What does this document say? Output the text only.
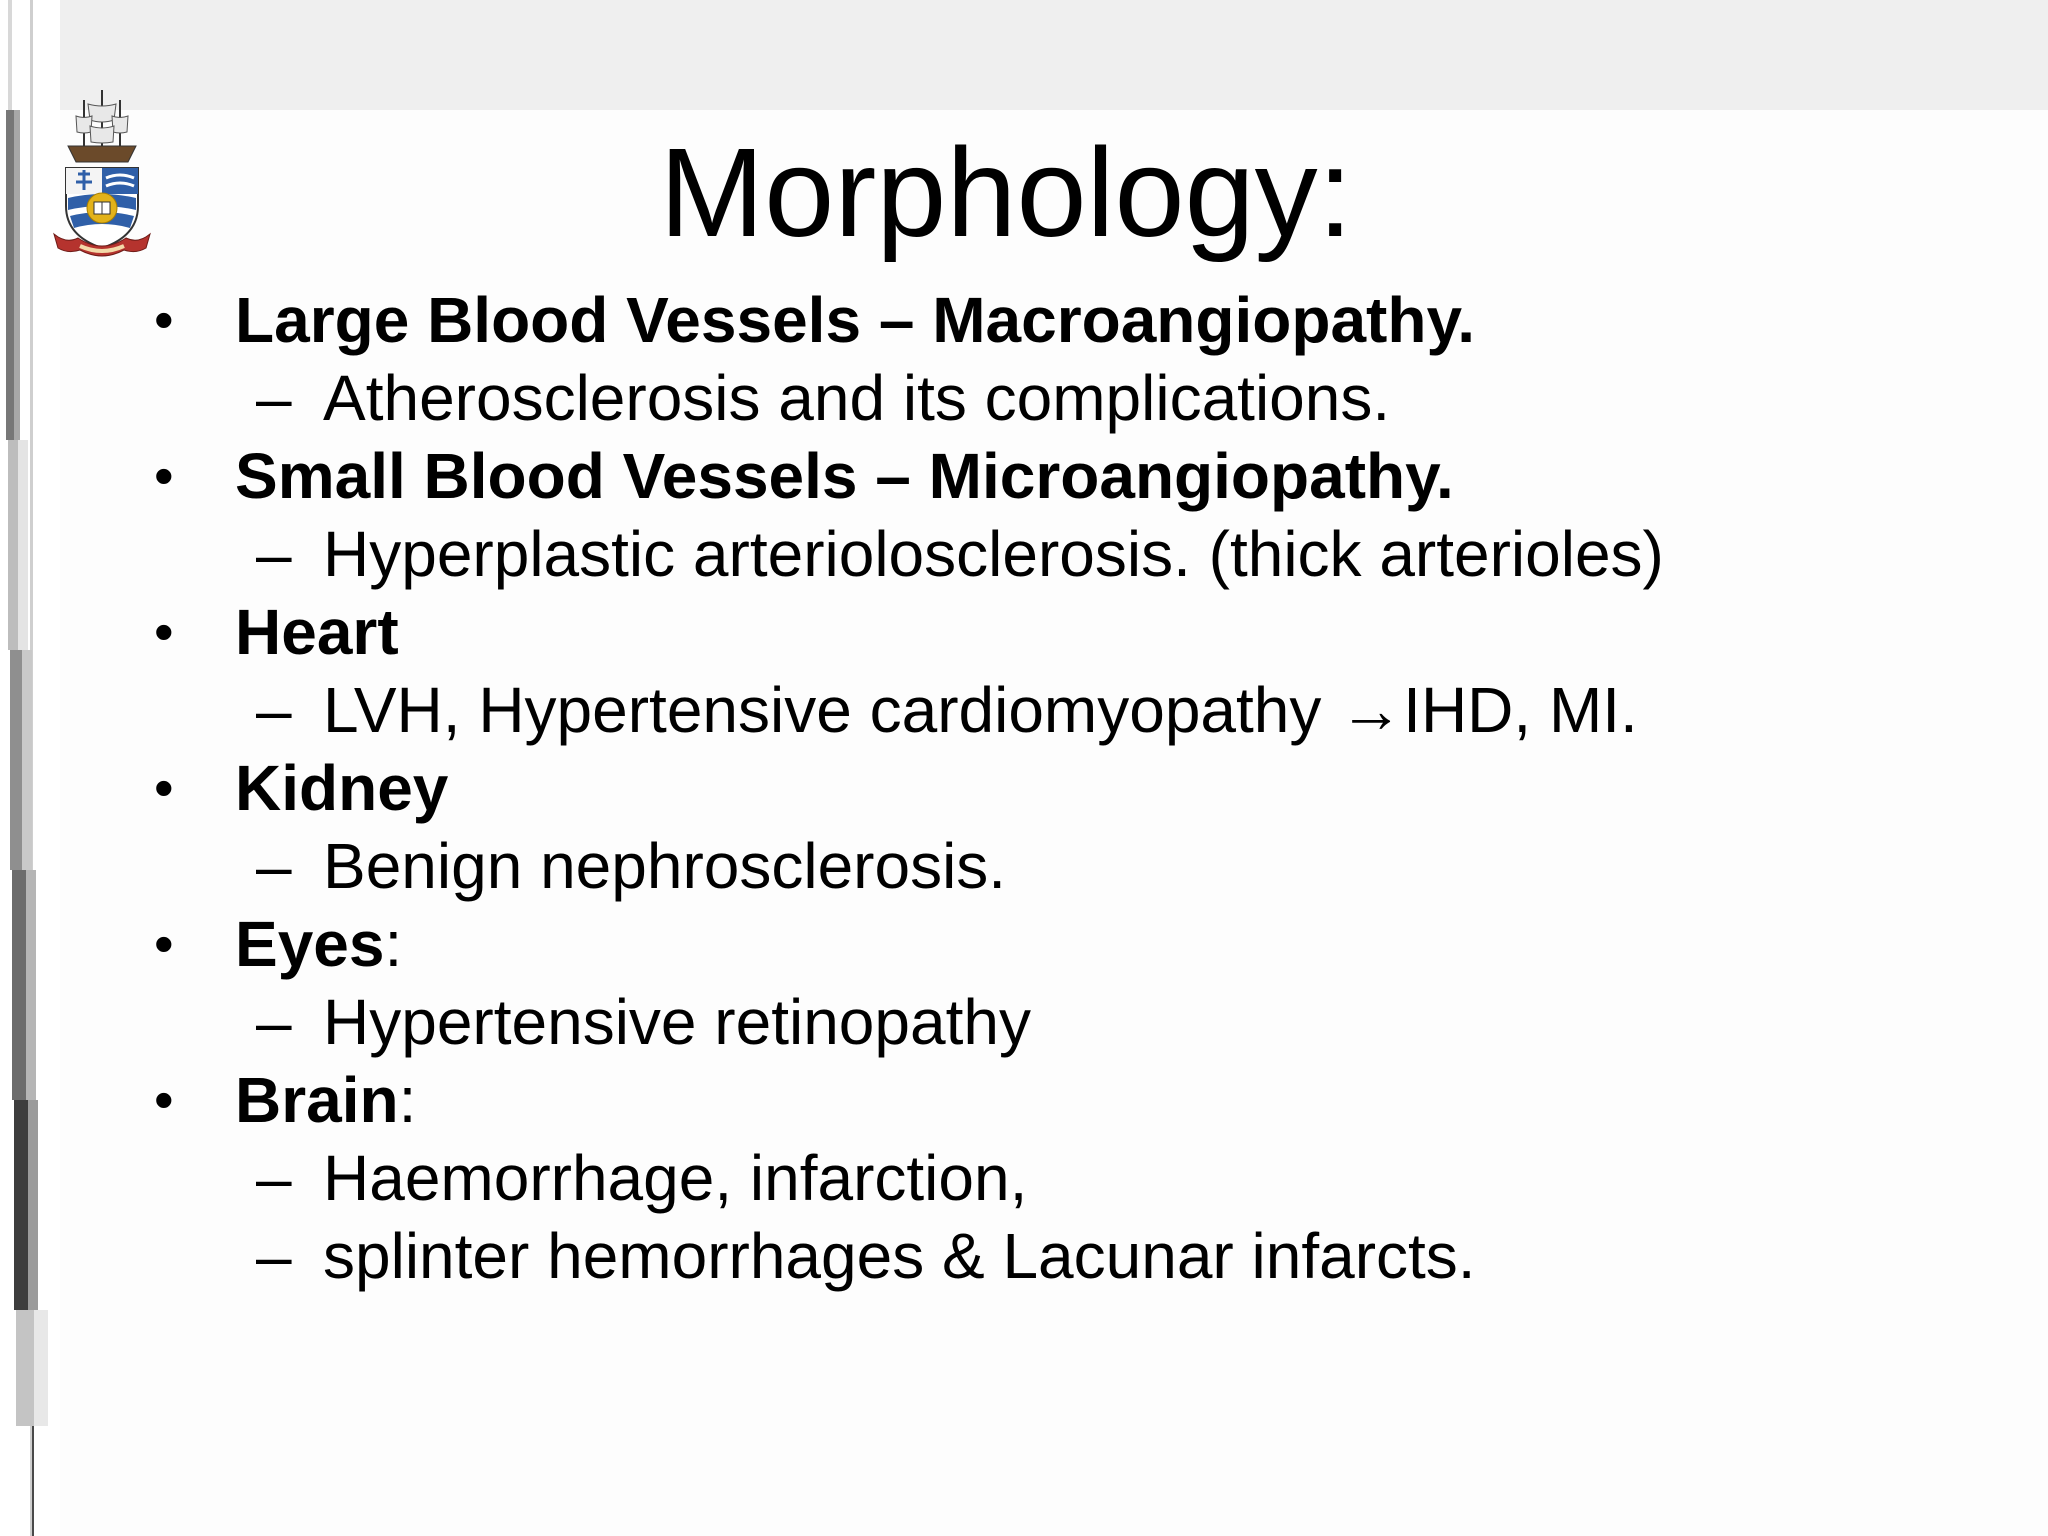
Morphology:
• Large Blood Vessels – Macroangiopathy.
– Atherosclerosis and its complications.
• Small Blood Vessels – Microangiopathy.
– Hyperplastic arteriolosclerosis. (thick arterioles)
• Heart
– LVH, Hypertensive cardiomyopathy →IHD, MI.
• Kidney
– Benign nephrosclerosis.
• Eyes:
– Hypertensive retinopathy
• Brain:
– Haemorrhage, infarction,
– splinter hemorrhages & Lacunar infarcts.
